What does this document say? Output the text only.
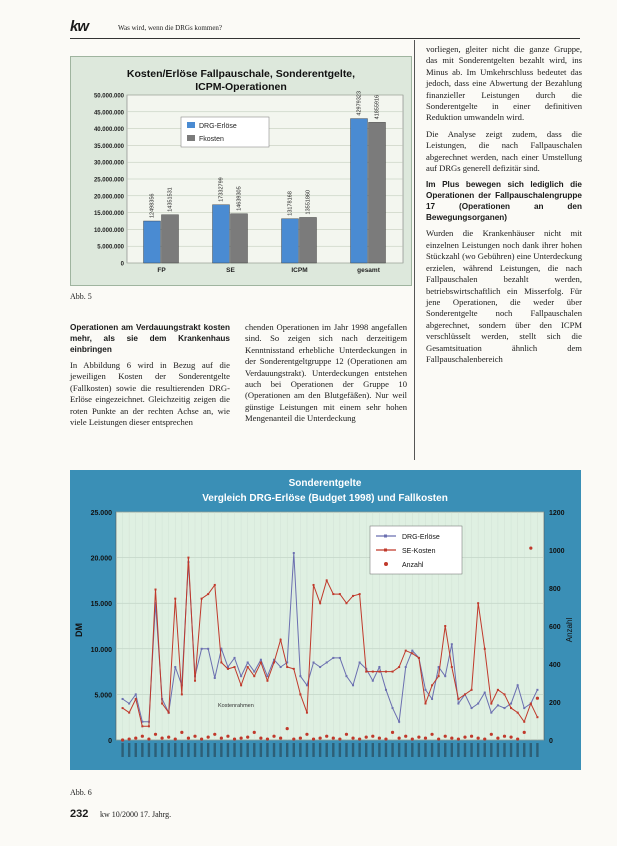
kw	Was wird, wenn die DRGs kommen?
Kosten/Erlöse Fallpauschale, Sonderentgelte, ICPM-Operationen
0
5.000.000
10.000.000
15.000.000
20.000.000
25.000.000
30.000.000
35.000.000
40.000.000
45.000.000
50.000.000
FP
12498356 14351531
SE
17332799 14639305
ICPM
13178168 13551860
gesamt
42979323 41855916
DRG-Erlöse
Fkosten
Abb. 5

vorliegen, gleiter nicht die ganze Gruppe, das mit Sonderentgelten bezahlt wird, ins Minus ab. Im Umkehrschluss bedeutet das jedoch, dass eine Abwertung der Bezahlung finanzieller Leistungen durch die Sonderentgelte in einer definitiven Reduktion umwandeln wird.

Die Analyse zeigt zudem, dass die Leistungen, die nach Fallpauschalen abgerechnet werden, nach einer Umstellung auf DRGs generell defizitär sind.

Im Plus bewegen sich lediglich die Operationen der Fallpauschalengruppe 17 (Operationen an den Bewegungsorganen)

Wurden die Krankenhäuser nicht mit einzelnen Leistungen noch dank ihrer hohen Stückzahl (wo Gebühren) eine Unterdeckung erzielen, während Leistungen, die nach Fallpauschalen bezahlt werden, betriebswirtschaftlich ein Misserfolg. Für jene Operationen, die weder über Sonderentgelte noch Fallpauschalen abgerechnet, sondern über den ICPM verschlüsselt werden, stellt sich die Gesamtsituation ähnlich dem Fallpauschalenbereich

Operationen am Verdauungstrakt kosten mehr, als sie dem Krankenhaus einbringen

In Abbildung 6 wird in Bezug auf die jeweiligen Kosten der Sonderentgelte (Fallkosten) sowie die resultierenden DRG-Erlöse eingezeichnet. Gleichzeitig zeigen die roten Punkte an der rechten Achse an, wie viele Leistungen dieser entsprechen

chenden Operationen im Jahr 1998 angefallen sind. So zeigen sich nach derzeitigem Kenntnisstand erhebliche Unterdeckungen in der Sonderentgeltgruppe 12 (Operationen am Verdauungstrakt). Unterdeckungen entstehen auch bei Operationen der Gruppe 10 (Operationen am den Blutgefäßen). Nur weil günstige Leistungen mit einem sehr hohen Mengenanteil die Unterdeckung

Sonderentgelte
Vergleich DRG-Erlöse (Budget 1998) und Fallkosten
0
5.000
10.000
15.000
20.000
25.000
0
200
400
600
800
1000
1200
DM	Anzahl
DRG-Erlöse
SE-Kosten
Anzahl
Kostenrahmen
Abb. 6
232 kw 10/2000 17. Jahrg.
